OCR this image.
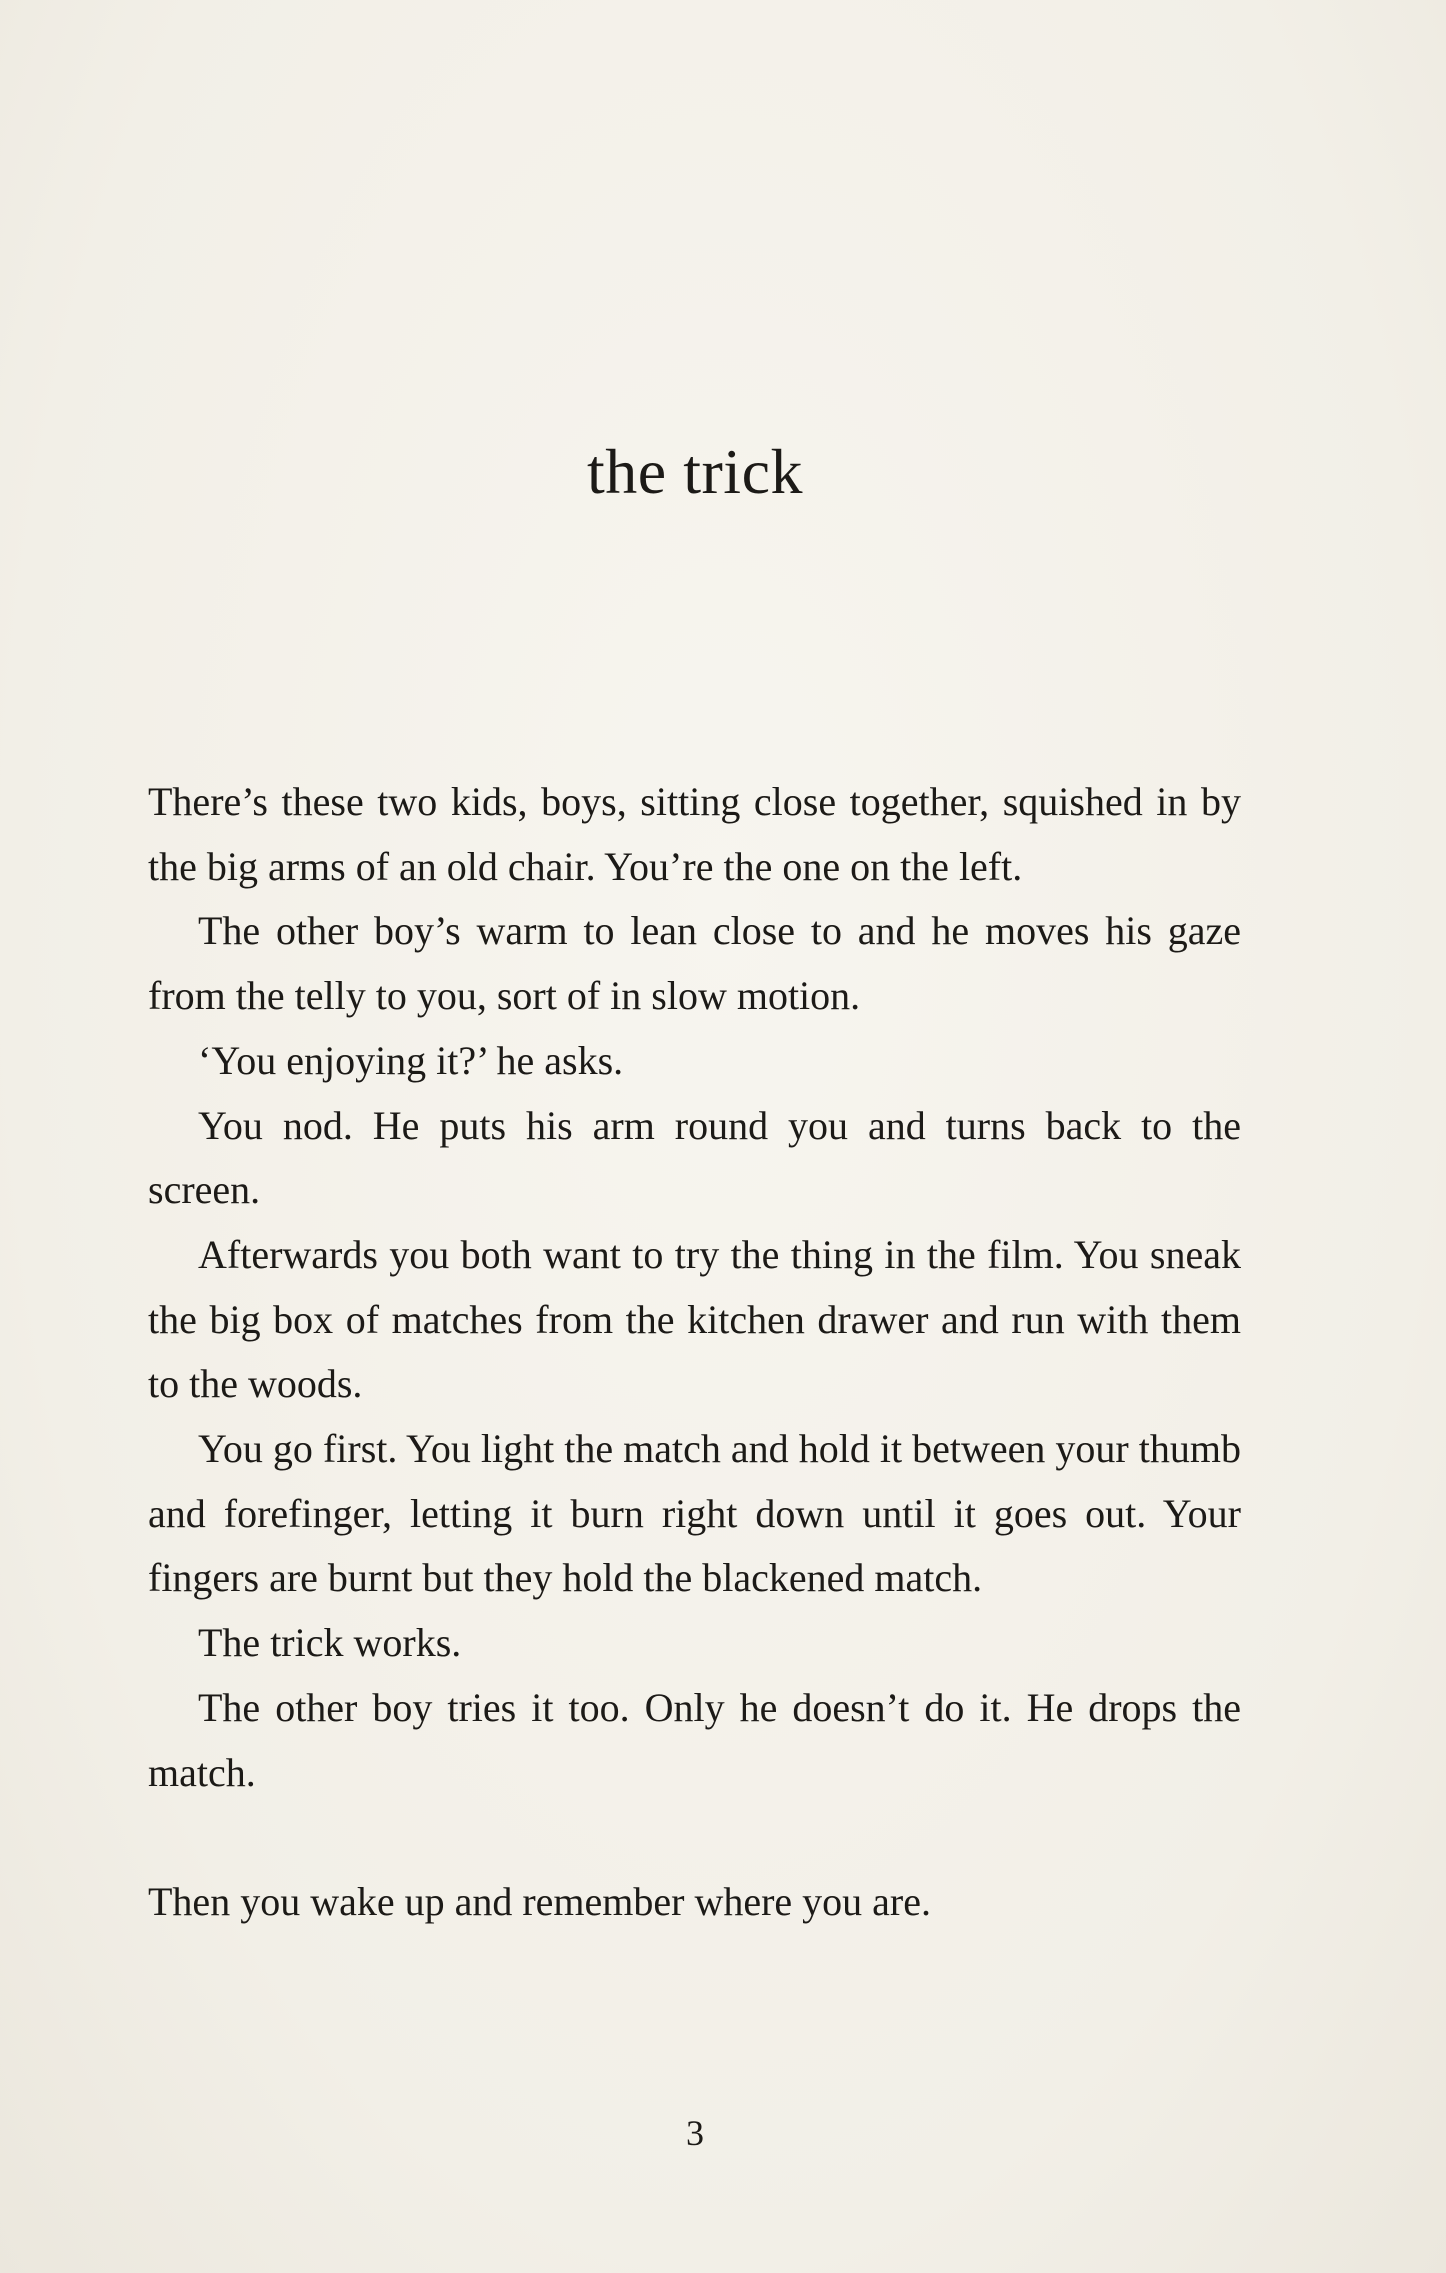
the trick

There’s these two kids, boys, sitting close together, squished in by the big arms of an old chair. You’re the one on the left.

The other boy’s warm to lean close to and he moves his gaze from the telly to you, sort of in slow motion.

‘You enjoying it?’ he asks.

You nod. He puts his arm round you and turns back to the screen.

Afterwards you both want to try the thing in the film. You sneak the big box of matches from the kitchen drawer and run with them to the woods.

You go first. You light the match and hold it between your thumb and forefinger, letting it burn right down until it goes out. Your fingers are burnt but they hold the blackened match.

The trick works.

The other boy tries it too. Only he doesn’t do it. He drops the match.

Then you wake up and remember where you are.

3
